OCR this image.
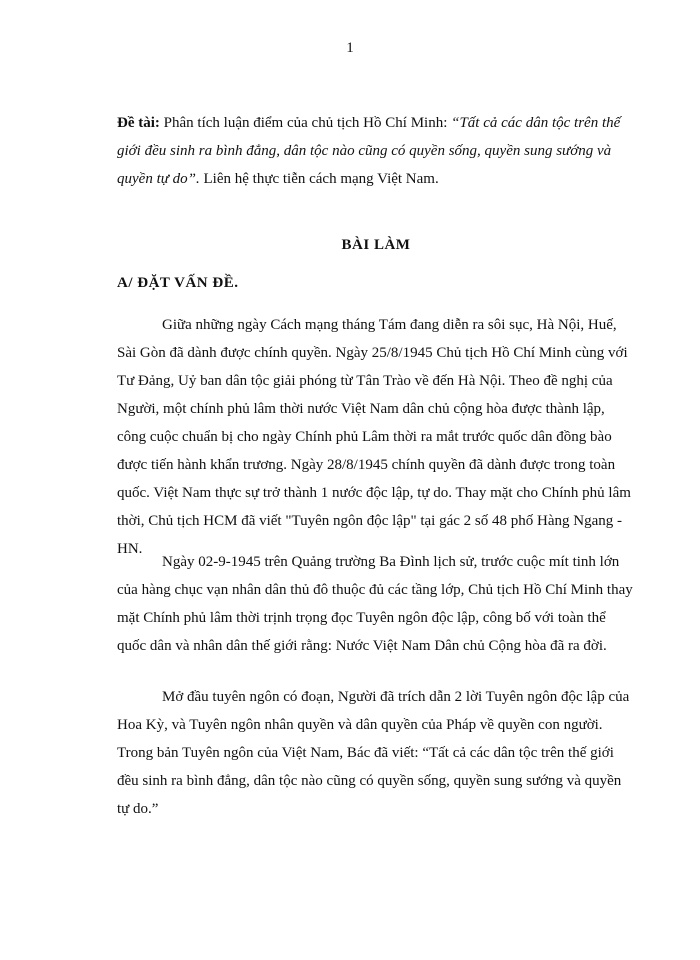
1
Đề tài: Phân tích luận điểm của chủ tịch Hồ Chí Minh: “Tất cả các dân tộc trên thế giới đều sinh ra bình đẳng, dân tộc nào cũng có quyền sống, quyền sung sướng và quyền tự do”. Liên hệ thực tiễn cách mạng Việt Nam.
BÀI LÀM
A/ ĐẶT VẤN ĐỀ.

Giữa những ngày Cách mạng tháng Tám đang diễn ra sôi sục, Hà Nội, Huế, Sài Gòn đã dành được chính quyền. Ngày 25/8/1945 Chủ tịch Hồ Chí Minh cùng với Tư Đảng, Uỷ ban dân tộc giải phóng từ Tân Trào về đến Hà Nội. Theo đề nghị của Người, một chính phủ lâm thời nước Việt Nam dân chủ cộng hòa được thành lập, công cuộc chuẩn bị cho ngày Chính phủ Lâm thời ra mắt trước quốc dân đồng bào được tiến hành khẩn trương. Ngày 28/8/1945 chính quyền đã dành được trong toàn quốc. Việt Nam thực sự trở thành 1 nước độc lập, tự do. Thay mặt cho Chính phủ lâm thời, Chủ tịch HCM đã viết "Tuyên ngôn độc lập" tại gác 2 số 48 phố Hàng Ngang - HN.

Ngày 02-9-1945 trên Quảng trường Ba Đình lịch sử, trước cuộc mít tinh lớn của hàng chục vạn nhân dân thủ đô thuộc đủ các tầng lớp, Chủ tịch Hồ Chí Minh thay mặt Chính phủ lâm thời trịnh trọng đọc Tuyên ngôn độc lập, công bố với toàn thể quốc dân và nhân dân thế giới rằng: Nước Việt Nam Dân chủ Cộng hòa đã ra đời.

Mở đầu tuyên ngôn có đoạn, Người đã trích dẫn 2 lời Tuyên ngôn độc lập của Hoa Kỳ, và Tuyên ngôn nhân quyền và dân quyền của Pháp về quyền con người. Trong bản Tuyên ngôn của Việt Nam, Bác đã viết: “Tất cả các dân tộc trên thế giới đều sinh ra bình đẳng, dân tộc nào cũng có quyền sống, quyền sung sướng và quyền tự do.”
